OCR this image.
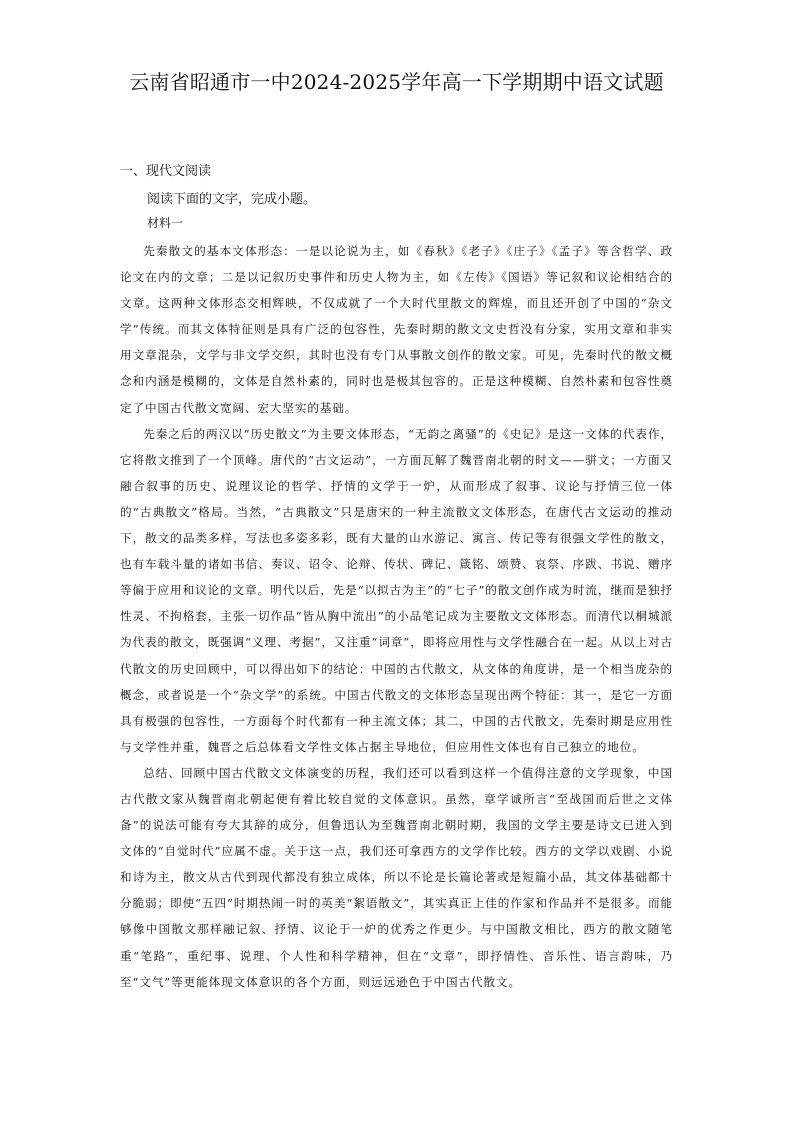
云南省昭通市一中2024-2025学年高一下学期期中语文试题
一、现代文阅读
阅读下面的文字，完成小题。
材料一

先秦散文的基本文体形态：一是以论说为主，如《春秋》《老子》《庄子》《孟子》等含哲学、政论文在内的文章；二是以记叙历史事件和历史人物为主，如《左传》《国语》等记叙和议论相结合的文章。这两种文体形态交相辉映，不仅成就了一个大时代里散文的辉煌，而且还开创了中国的“杂文学”传统。而其文体特征则是具有广泛的包容性，先秦时期的散文文史哲没有分家，实用文章和非实用文章混杂，文学与非文学交织，其时也没有专门从事散文创作的散文家。可见，先秦时代的散文概念和内涵是模糊的，文体是自然朴素的，同时也是极其包容的。正是这种模糊、自然朴素和包容性奠定了中国古代散文宽阔、宏大坚实的基础。

先秦之后的两汉以“历史散文”为主要文体形态，“无韵之离骚”的《史记》是这一文体的代表作，它将散文推到了一个顶峰。唐代的“古文运动”，一方面瓦解了魏晋南北朝的时文——骈文；一方面又融合叙事的历史、说理议论的哲学、抒情的文学于一炉，从而形成了叙事、议论与抒情三位一体的“古典散文”格局。当然，“古典散文”只是唐宋的一种主流散文文体形态，在唐代古文运动的推动下，散文的品类多样，写法也多姿多彩，既有大量的山水游记、寓言、传记等有很强文学性的散文，也有车载斗量的诸如书信、奏议、诏令、论辩、传状、碑记、箴铭、颂赞、哀祭、序跋、书说、赠序等偏于应用和议论的文章。明代以后，先是“以拟古为主”的“七子”的散文创作成为时流，继而是独抒性灵、不拘格套，主张一切作品“皆从胸中流出”的小品笔记成为主要散文文体形态。而清代以桐城派为代表的散文，既强调“义理、考据”，又注重“词章”，即将应用性与文学性融合在一起。从以上对古代散文的历史回顾中，可以得出如下的结论：中国的古代散文，从文体的角度讲，是一个相当庞杂的概念，或者说是一个“杂文学”的系统。中国古代散文的文体形态呈现出两个特征：其一，是它一方面具有极强的包容性，一方面每个时代都有一种主流文体；其二，中国的古代散文，先秦时期是应用性与文学性并重，魏晋之后总体看文学性文体占据主导地位，但应用性文体也有自己独立的地位。

总结、回顾中国古代散文文体演变的历程，我们还可以看到这样一个值得注意的文学现象，中国古代散文家从魏晋南北朝起便有着比较自觉的文体意识。虽然，章学诚所言“至战国而后世之文体备”的说法可能有夸大其辞的成分，但鲁迅认为至魏晋南北朝时期，我国的文学主要是诗文已进入到文体的“自觉时代”应属不虚。关于这一点，我们还可拿西方的文学作比较。西方的文学以戏剧、小说和诗为主，散文从古代到现代都没有独立成体，所以不论是长篇论著或是短篇小品，其文体基础都十分脆弱；即使“五四”时期热闹一时的英美“絮语散文”，其实真正上佳的作家和作品并不是很多。而能够像中国散文那样融记叙、抒情、议论于一炉的优秀之作更少。与中国散文相比，西方的散文随笔重“笔路”，重纪事、说理、个人性和科学精神，但在“文章”，即抒情性、音乐性、语言韵味，乃至“文气”等更能体现文体意识的各个方面，则远远逊色于中国古代散文。
